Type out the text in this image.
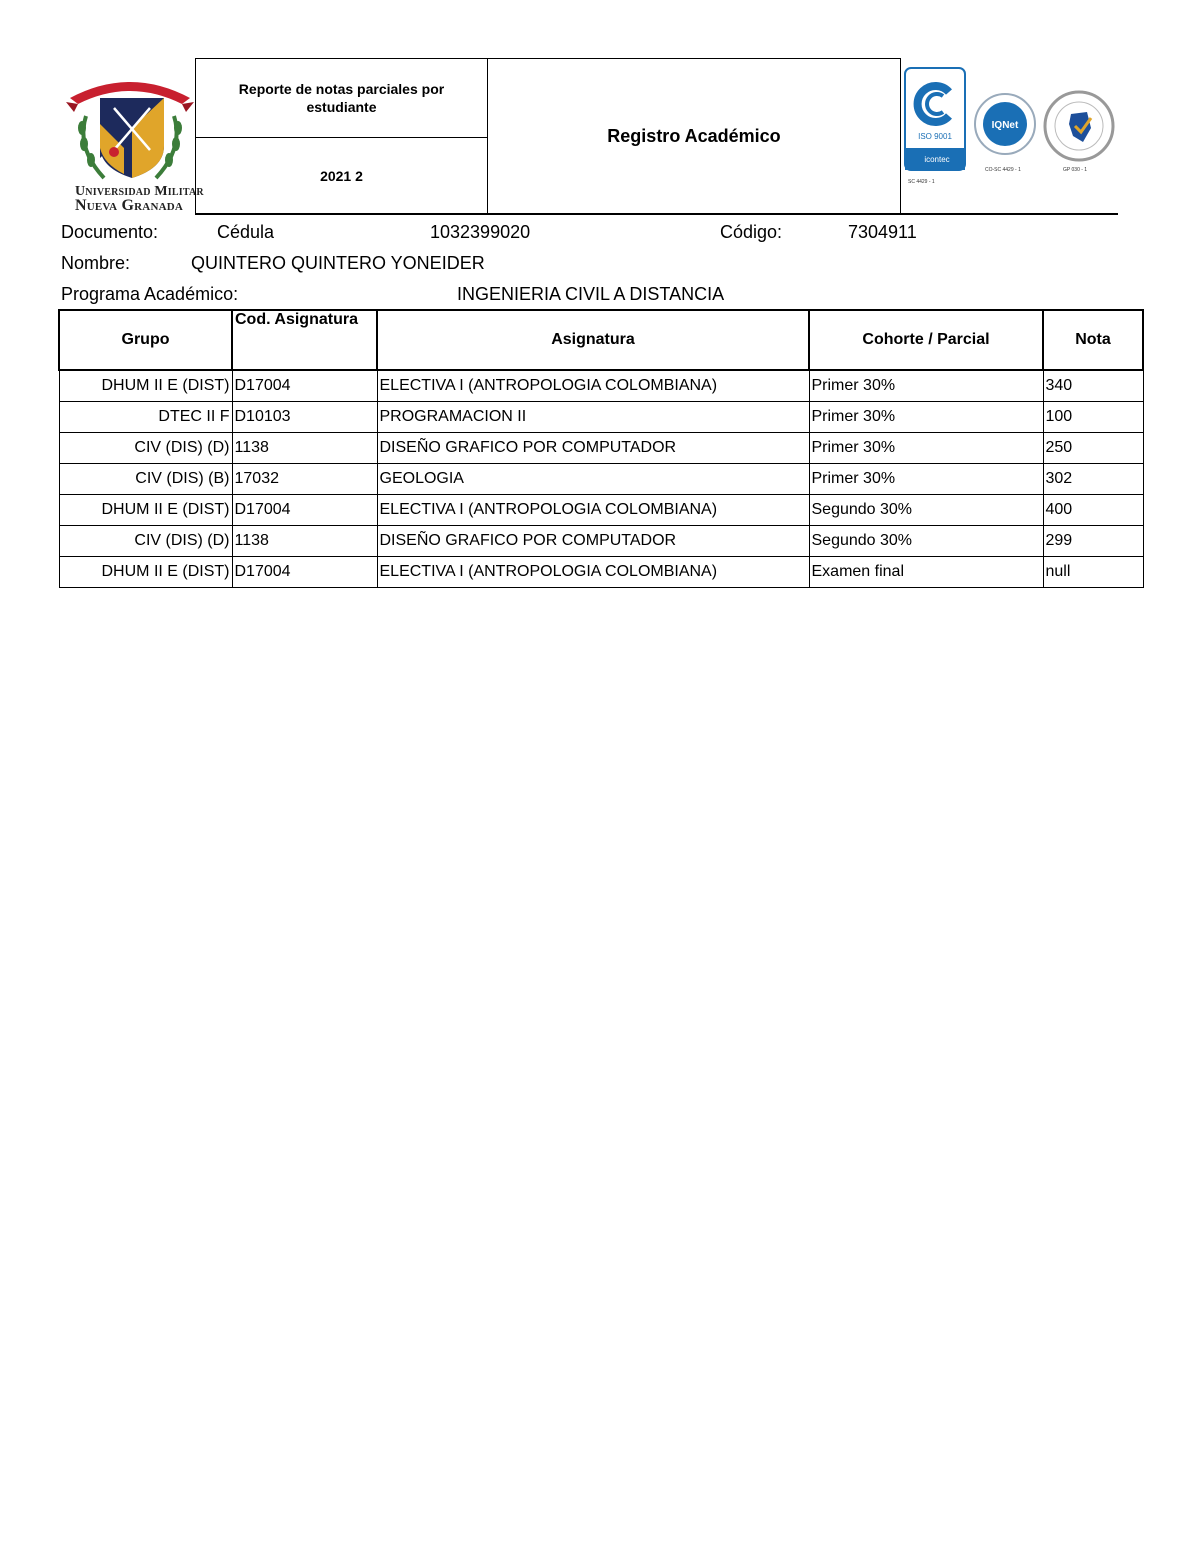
Universidad Militar
Nueva Granada
Reporte de notas parciales por estudiante
2021 2
Registro Académico	ISO 9001
icontec
IQNet
SC 4429 - 1
CO-SC 4429 - 1	GP 030 - 1
Documento:	Cédula	1032399020	Código:	7304911
Nombre:	QUINTERO QUINTERO YONEIDER
Programa Académico:	INGENIERIA CIVIL A DISTANCIA
Grupo	Cod. Asignatura	Asignatura	Cohorte / Parcial	Nota
DHUM II E (DIST)	D17004	ELECTIVA I (ANTROPOLOGIA COLOMBIANA)	Primer 30%	340
DTEC II F	D10103	PROGRAMACION II	Primer 30%	100
CIV (DIS) (D)	1138	DISEÑO GRAFICO POR COMPUTADOR	Primer 30%	250
CIV (DIS) (B)	17032	GEOLOGIA	Primer 30%	302
DHUM II E (DIST)	D17004	ELECTIVA I (ANTROPOLOGIA COLOMBIANA)	Segundo 30%	400
CIV (DIS) (D)	1138	DISEÑO GRAFICO POR COMPUTADOR	Segundo 30%	299
DHUM II E (DIST)	D17004	ELECTIVA I (ANTROPOLOGIA COLOMBIANA)	Examen final	null
